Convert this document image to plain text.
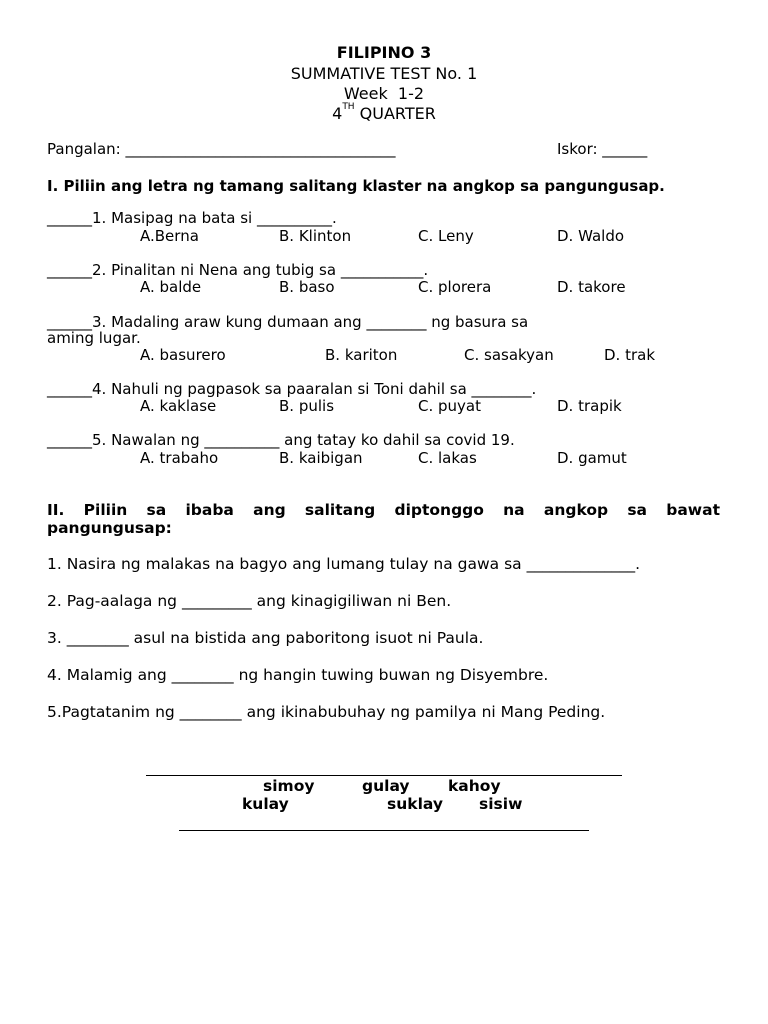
FILIPINO 3
SUMMATIVE TEST No. 1
Week  1-2
4TH QUARTER
Pangalan: ____________________________________	Iskor: ______
I. Piliin ang letra ng tamang salitang klaster na angkop sa pangungusap.
______1. Masipag na bata si __________.
A.Berna	B. Klinton	C. Leny	D. Waldo
______2. Pinalitan ni Nena ang tubig sa ___________.
A. balde	B. baso	C. plorera	D. takore
______3. Madaling araw kung dumaan ang ________ ng basura sa
aming lugar.
A. basurero	B. kariton	C. sasakyan	D. trak
______4. Nahuli ng pagpasok sa paaralan si Toni dahil sa ________.
A. kaklase	B. pulis	C. puyat	D. trapik
______5. Nawalan ng __________ ang tatay ko dahil sa covid 19.
A. trabaho	B. kaibigan	C. lakas	D. gamut
II. Piliin sa ibaba ang salitang diptonggo na angkop sa bawat
pangungusap:
1. Nasira ng malakas na bagyo ang lumang tulay na gawa sa ______________.
2. Pag-aalaga ng _________ ang kinagigiliwan ni Ben.
3. ________ asul na bistida ang paboritong isuot ni Paula.
4. Malamig ang ________ ng hangin tuwing buwan ng Disyembre.
5.Pagtatanim ng ________ ang ikinabubuhay ng pamilya ni Mang Peding.
simoy	gulay kahoy
kulay	suklay sisiw
